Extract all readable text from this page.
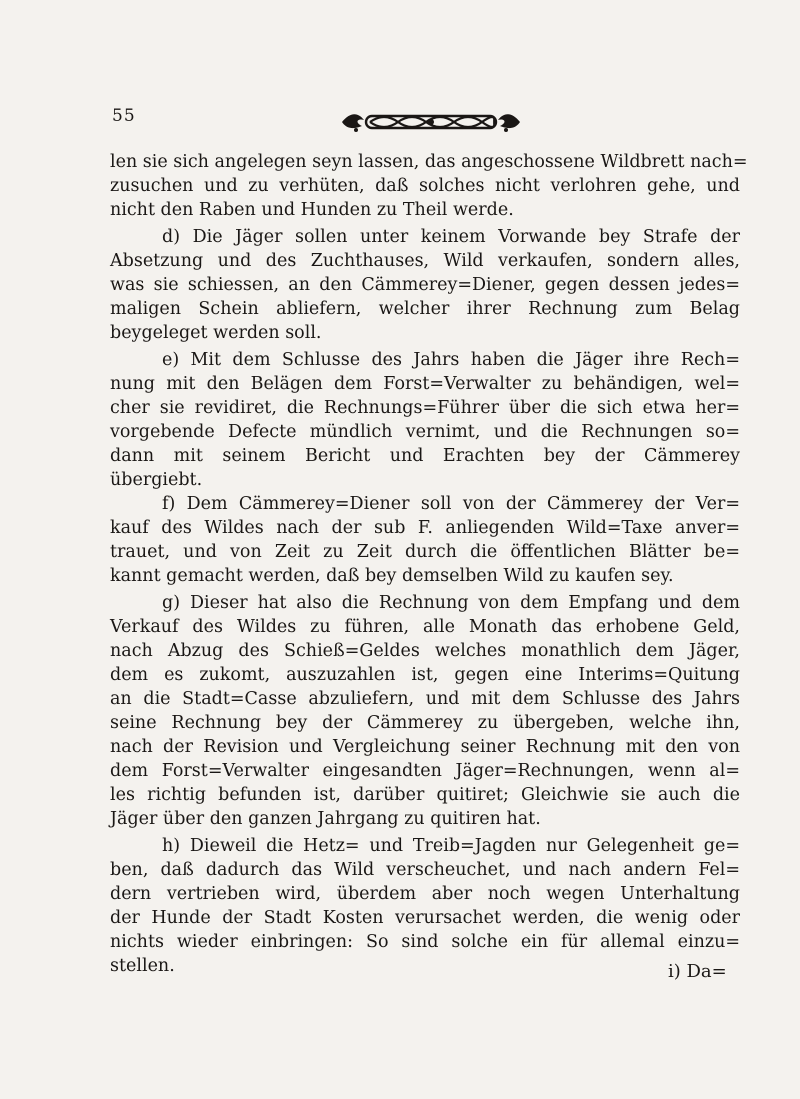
55
len sie sich angelegen seyn lassen, das angeschossene Wildbrett nach=
zusuchen und zu verhüten, daß solches nicht verlohren gehe, und
nicht den Raben und Hunden zu Theil werde.
d) Die Jäger sollen unter keinem Vorwande bey Strafe der
Absetzung und des Zuchthauses, Wild verkaufen, sondern alles,
was sie schiessen, an den Cämmerey=Diener, gegen dessen jedes=
maligen Schein abliefern, welcher ihrer Rechnung zum Belag
beygeleget werden soll.
e) Mit dem Schlusse des Jahrs haben die Jäger ihre Rech=
nung mit den Belägen dem Forst=Verwalter zu behändigen, wel=
cher sie revidiret, die Rechnungs=Führer über die sich etwa her=
vorgebende Defecte mündlich vernimt, und die Rechnungen so=
dann mit seinem Bericht und Erachten bey der Cämmerey
übergiebt.
f) Dem Cämmerey=Diener soll von der Cämmerey der Ver=
kauf des Wildes nach der sub F. anliegenden Wild=Taxe anver=
trauet, und von Zeit zu Zeit durch die öffentlichen Blätter be=
kannt gemacht werden, daß bey demselben Wild zu kaufen sey.
g) Dieser hat also die Rechnung von dem Empfang und dem
Verkauf des Wildes zu führen, alle Monath das erhobene Geld,
nach Abzug des Schieß=Geldes welches monathlich dem Jäger,
dem es zukomt, auszuzahlen ist, gegen eine Interims=Quitung
an die Stadt=Casse abzuliefern, und mit dem Schlusse des Jahrs
seine Rechnung bey der Cämmerey zu übergeben, welche ihn,
nach der Revision und Vergleichung seiner Rechnung mit den von
dem Forst=Verwalter eingesandten Jäger=Rechnungen, wenn al=
les richtig befunden ist, darüber quitiret; Gleichwie sie auch die
Jäger über den ganzen Jahrgang zu quitiren hat.
h) Dieweil die Hetz= und Treib=Jagden nur Gelegenheit ge=
ben, daß dadurch das Wild verscheuchet, und nach andern Fel=
dern vertrieben wird, überdem aber noch wegen Unterhaltung
der Hunde der Stadt Kosten verursachet werden, die wenig oder
nichts wieder einbringen: So sind solche ein für allemal einzu=
stellen.	i) Da=
